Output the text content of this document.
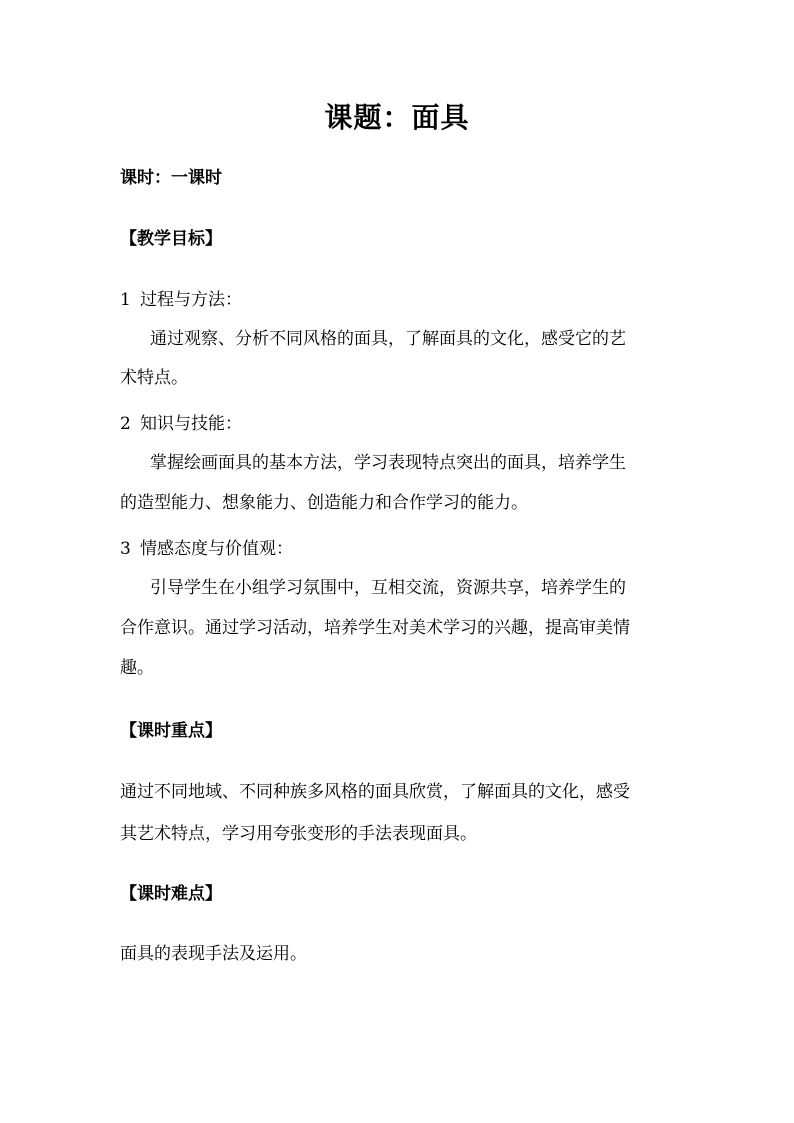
课题：面具
课时：一课时
【教学目标】
1 过程与方法：
通过观察、分析不同风格的面具，了解面具的文化，感受它的艺
术特点。
2 知识与技能：
掌握绘画面具的基本方法，学习表现特点突出的面具，培养学生
的造型能力、想象能力、创造能力和合作学习的能力。
3 情感态度与价值观：
引导学生在小组学习氛围中，互相交流，资源共享，培养学生的
合作意识。通过学习活动，培养学生对美术学习的兴趣，提高审美情
趣。
【课时重点】
通过不同地域、不同种族多风格的面具欣赏，了解面具的文化，感受
其艺术特点，学习用夸张变形的手法表现面具。
【课时难点】
面具的表现手法及运用。
